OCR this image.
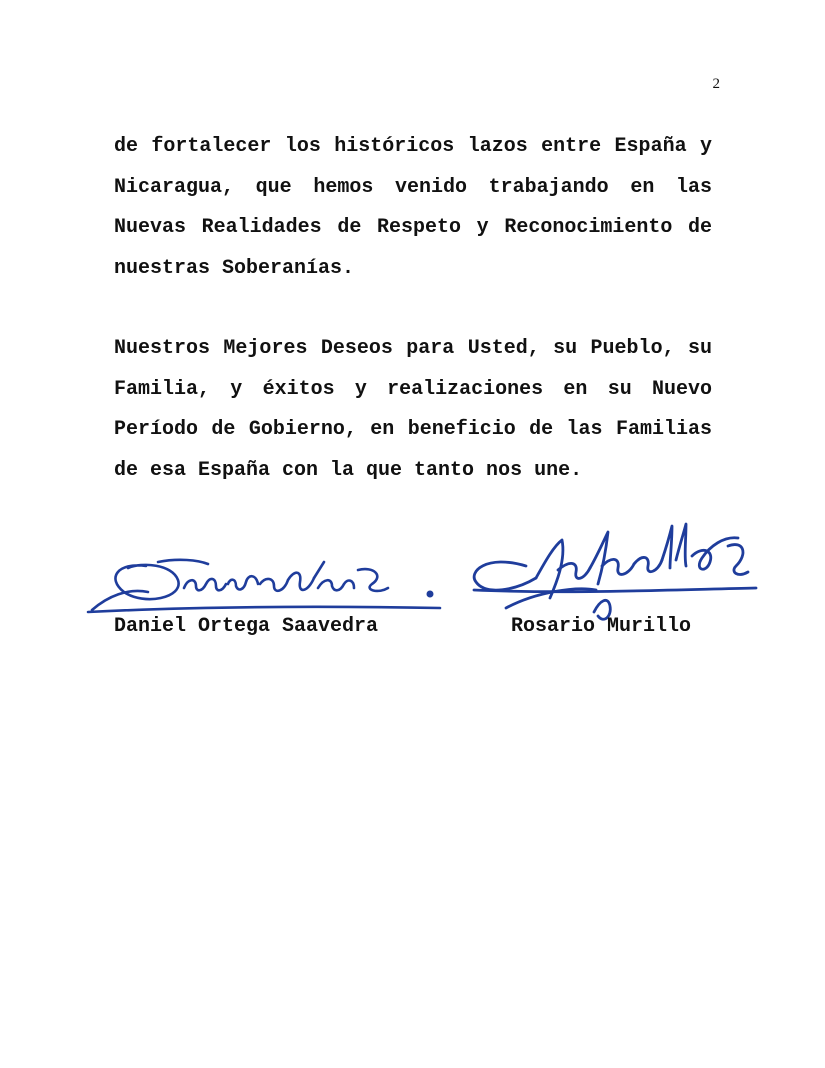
2

de fortalecer los históricos lazos entre España y Nicaragua, que hemos venido trabajando en las Nuevas Realidades de Respeto y Reconocimiento de nuestras Soberanías.

Nuestros Mejores Deseos para Usted, su Pueblo, su Familia, y éxitos y realizaciones en su Nuevo Período de Gobierno, en beneficio de las Familias de esa España con la que tanto nos une.

Daniel Ortega Saavedra	Rosario Murillo
